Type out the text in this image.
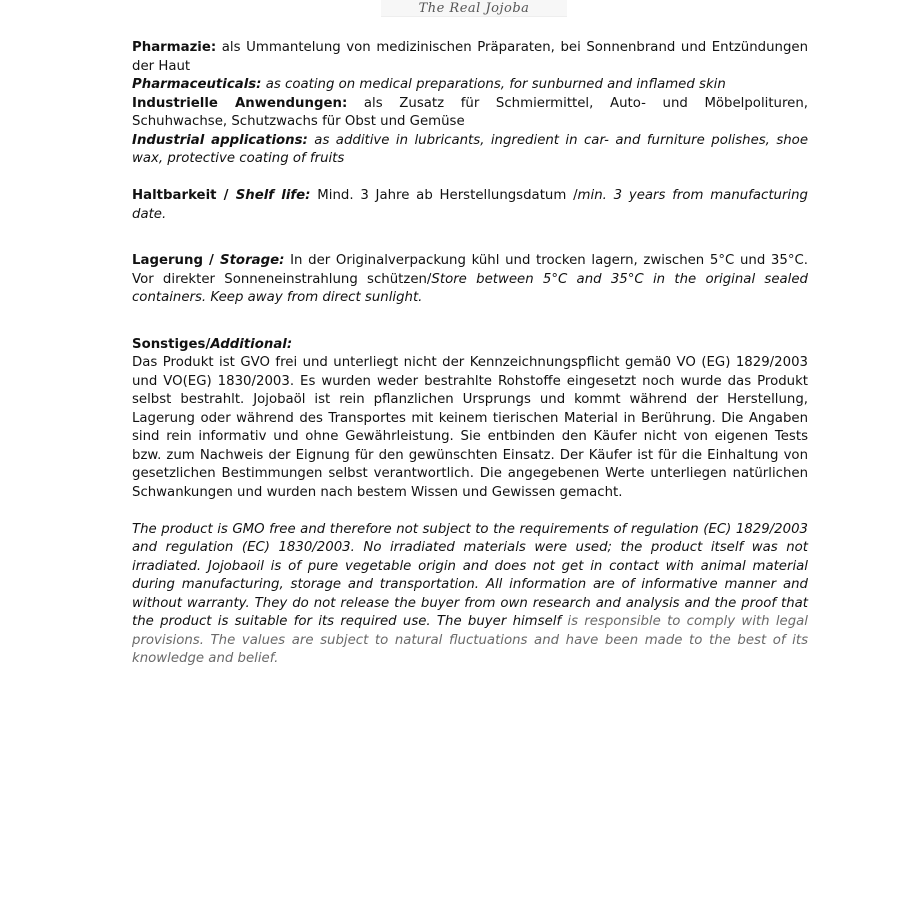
The Real Jojoba

Pharmazie: als Ummantelung von medizinischen Präparaten, bei Sonnenbrand und Entzündungen der Haut

Pharmaceuticals: as coating on medical preparations, for sunburned and inflamed skin

Industrielle Anwendungen: als Zusatz für Schmiermittel, Auto- und Möbelpolituren, Schuhwachse, Schutzwachs für Obst und Gemüse

Industrial applications: as additive in lubricants, ingredient in car- and furniture polishes, shoe wax, protective coating of fruits

Haltbarkeit / Shelf life: Mind. 3 Jahre ab Herstellungsdatum /min. 3 years from manufacturing date.

Lagerung / Storage: In der Originalverpackung kühl und trocken lagern, zwischen 5°C und 35°C. Vor direkter Sonneneinstrahlung schützen/Store between 5°C and 35°C in the original sealed containers. Keep away from direct sunlight.

Sonstiges/Additional:

Das Produkt ist GVO frei und unterliegt nicht der Kennzeichnungspflicht gemä0 VO (EG) 1829/2003 und VO(EG) 1830/2003. Es wurden weder bestrahlte Rohstoffe eingesetzt noch wurde das Produkt selbst bestrahlt. Jojobaöl ist rein pflanzlichen Ursprungs und kommt während der Herstellung, Lagerung oder während des Transportes mit keinem tierischen Material in Berührung. Die Angaben sind rein informativ und ohne Gewährleistung. Sie entbinden den Käufer nicht von eigenen Tests bzw. zum Nachweis der Eignung für den gewünschten Einsatz. Der Käufer ist für die Einhaltung von gesetzlichen Bestimmungen selbst verantwortlich. Die angegebenen Werte unterliegen natürlichen Schwankungen und wurden nach bestem Wissen und Gewissen gemacht.

The product is GMO free and therefore not subject to the requirements of regulation (EC) 1829/2003 and regulation (EC) 1830/2003. No irradiated materials were used; the product itself was not irradiated. Jojobaoil is of pure vegetable origin and does not get in contact with animal material during manufacturing, storage and transportation. All information are of informative manner and without warranty. They do not release the buyer from own research and analysis and the proof that the product is suitable for its required use. The buyer himself is responsible to comply with legal provisions. The values are subject to natural fluctuations and have been made to the best of its knowledge and belief.
